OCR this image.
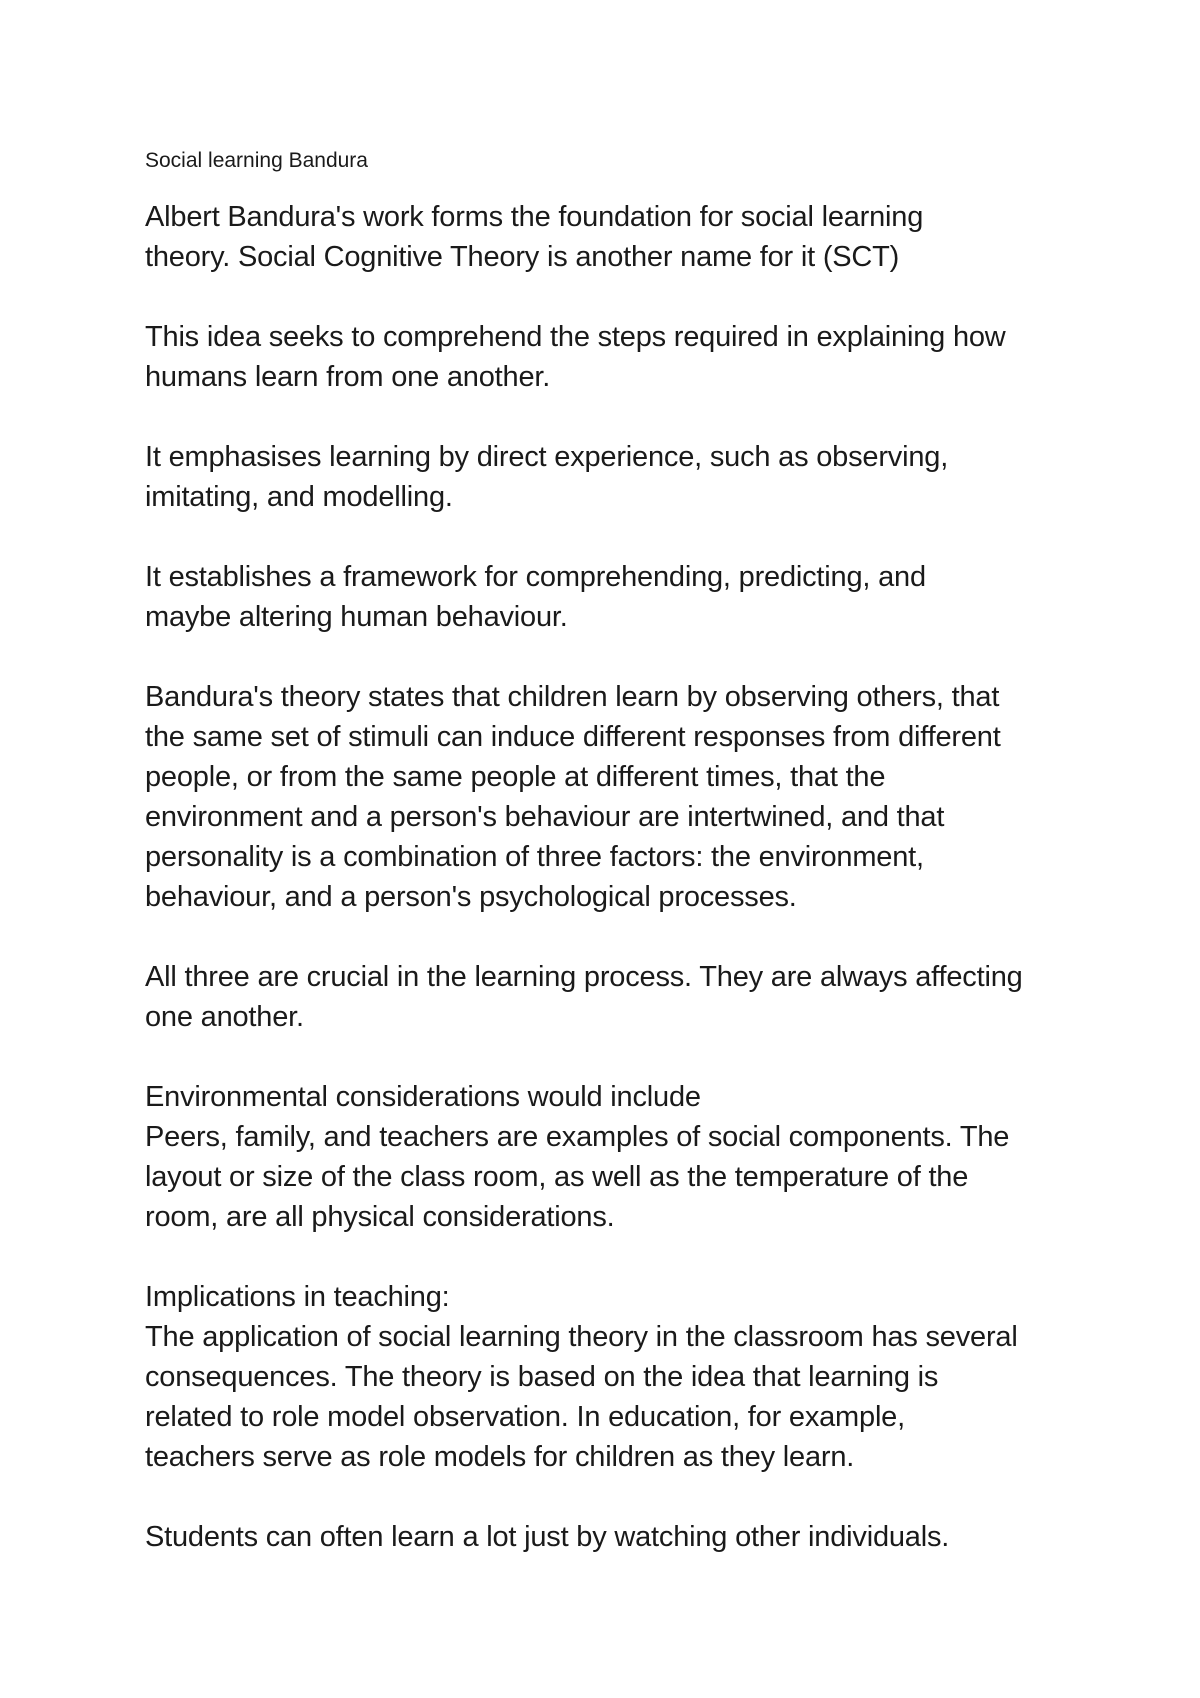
Social learning Bandura
Albert Bandura's work forms the foundation for social learning
theory. Social Cognitive Theory is another name for it (SCT)
This idea seeks to comprehend the steps required in explaining how
humans learn from one another.
It emphasises learning by direct experience, such as observing,
imitating, and modelling.
It establishes a framework for comprehending, predicting, and
maybe altering human behaviour.
Bandura's theory states that children learn by observing others, that
the same set of stimuli can induce different responses from different
people, or from the same people at different times, that the
environment and a person's behaviour are intertwined, and that
personality is a combination of three factors: the environment,
behaviour, and a person's psychological processes.
All three are crucial in the learning process. They are always affecting
one another.
Environmental considerations would include
Peers, family, and teachers are examples of social components. The
layout or size of the class room, as well as the temperature of the
room, are all physical considerations.
Implications in teaching:
The application of social learning theory in the classroom has several
consequences. The theory is based on the idea that learning is
related to role model observation. In education, for example,
teachers serve as role models for children as they learn.
Students can often learn a lot just by watching other individuals.
